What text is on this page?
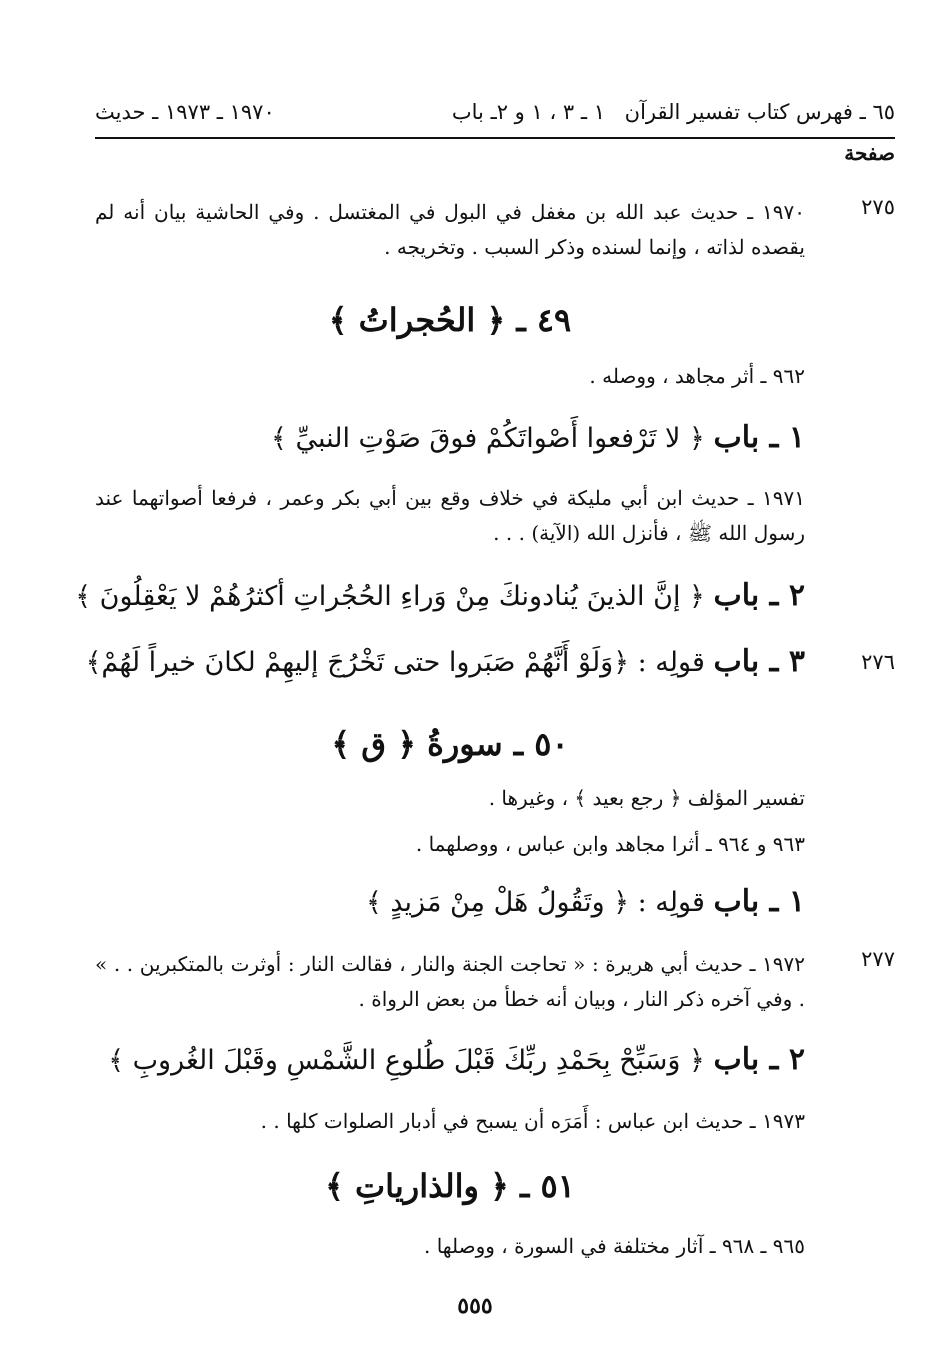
٦٥ ـ فهرس كتاب تفسير القرآن
١ ـ ٣ ، ١ و ٢ـ باب
١٩٧٠ ـ ١٩٧٣ ـ حديث
صفحة
٢٧٥
١٩٧٠ ـ حديث عبد الله بن مغفل في البول في المغتسل . وفي الحاشية بيان أنه لم يقصده لذاته ، وإنما لسنده وذكر السبب . وتخريجه .
٤٩ ـ ﴿ الحُجراتُ ﴾
٩٦٢ ـ أثر مجاهد ، ووصله .
١ ـ باب ﴿ لا تَرْفعوا أَصْواتَكُمْ فوقَ صَوْتِ النبيِّ ﴾
١٩٧١ ـ حديث ابن أبي مليكة في خلاف وقع بين أبي بكر وعمر ، فرفعا أصواتهما عند رسول الله ﷺ ، فأنزل الله (الآية) . . .
٢ ـ باب ﴿ إنَّ الذينَ يُنادونكَ مِنْ وَراءِ الحُجُراتِ أكثرُهُمْ لا يَعْقِلُونَ ﴾
٢٧٦
٣ ـ باب قولِه : ﴿وَلَوْ أَنَّهُمْ صَبَروا حتى تَخْرُجَ إليهِمْ لكانَ خيراً لَهُمْ﴾
٥٠ ـ سورةُ ﴿ ق ﴾
تفسير المؤلف ﴿ رجع بعيد ﴾ ، وغيرها .
٩٦٣ و ٩٦٤ ـ أثرا مجاهد وابن عباس ، ووصلهما .
١ ـ باب قولِه : ﴿ وتَقُولُ هَلْ مِنْ مَزيدٍ ﴾
٢٧٧
١٩٧٢ ـ حديث أبي هريرة : « تحاجت الجنة والنار ، فقالت النار : أوثرت بالمتكبرين . . » . وفي آخره ذكر النار ، وبيان أنه خطأ من بعض الرواة .
٢ ـ باب ﴿ وَسَبِّحْ بِحَمْدِ ربِّكَ قَبْلَ طُلوعِ الشَّمْسِ وقَبْلَ الغُروبِ ﴾
١٩٧٣ ـ حديث ابن عباس : أَمَرَه أن يسبح في أدبار الصلوات كلها . .
٥١ ـ ﴿ والذارياتِ ﴾
٩٦٥ ـ ٩٦٨ ـ آثار مختلفة في السورة ، ووصلها .
٥٥٥
